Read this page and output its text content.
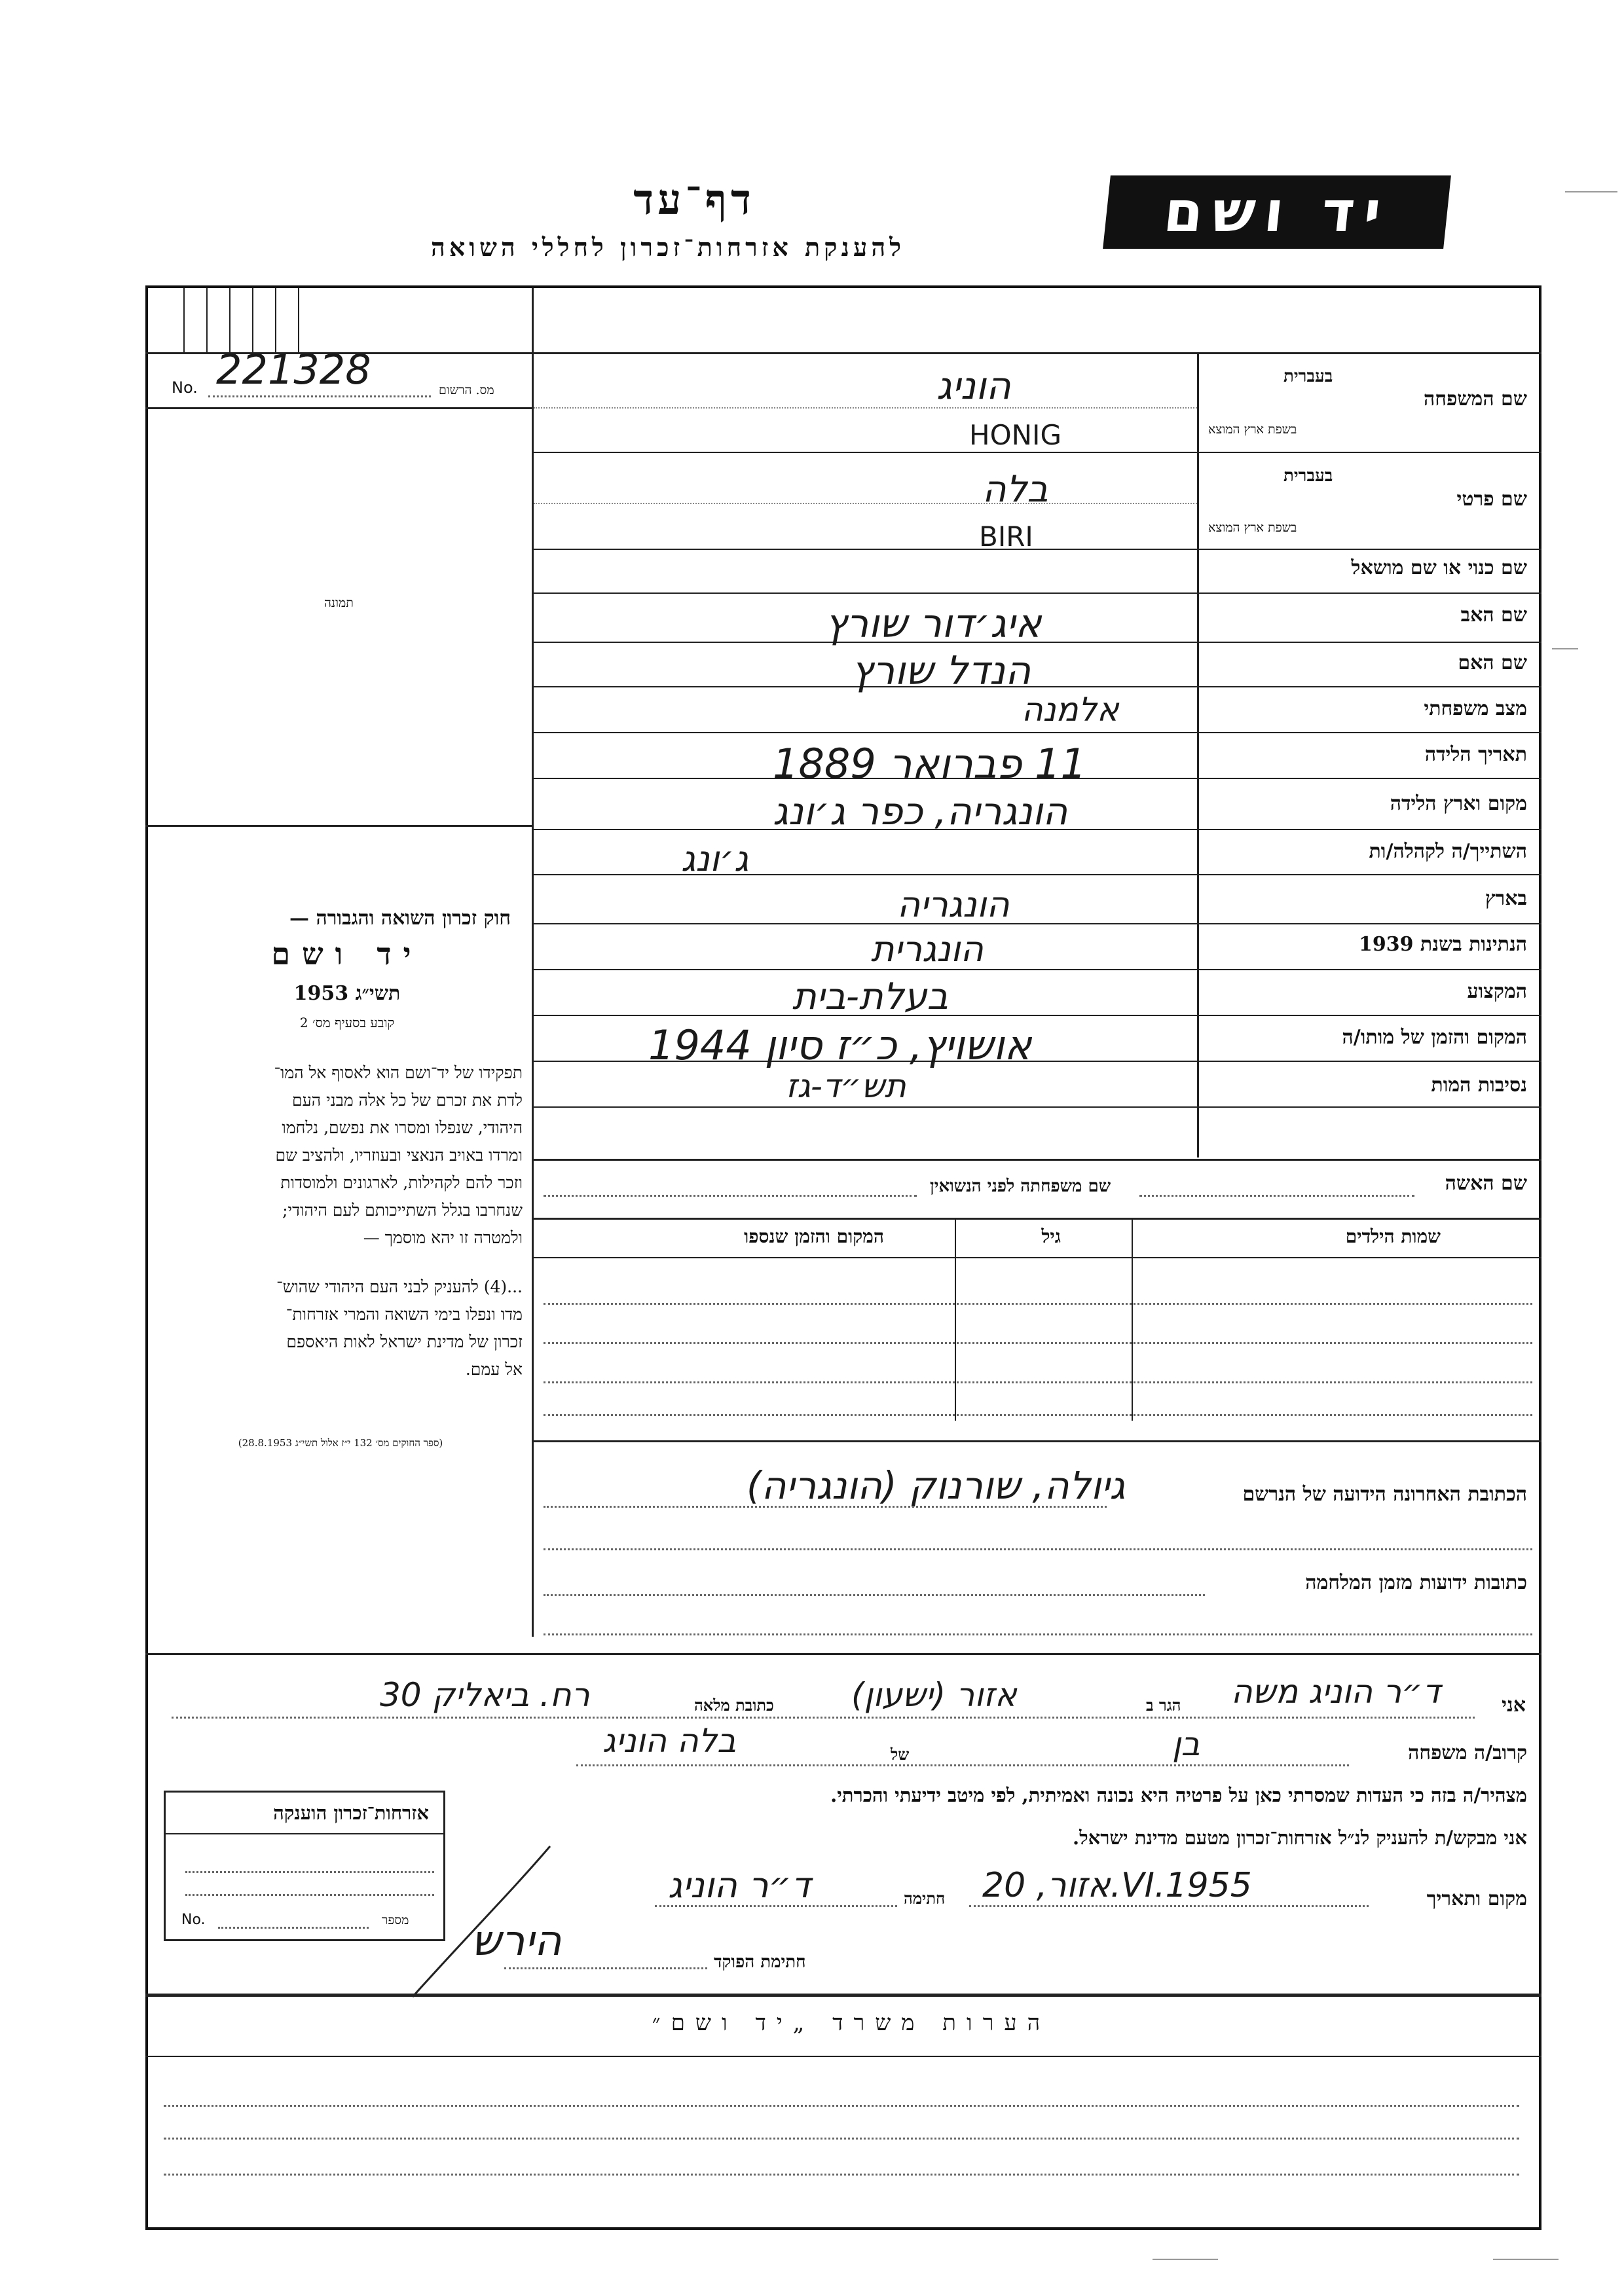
יד ושם
דף־עד
להענקת אזרחות־זכרון לחללי השואה
No. 221328	מס. הרשום
תמונה
חוק זכרון השואה והגבורה —
יד ושם
תשי״ג 1953
קובע בסעיף מס׳ 2
תפקידו של יד־ושם הוא לאסוף אל המו־
לדת את זכרם של כל אלה מבני העם
היהודי, שנפלו ומסרו את נפשם, נלחמו
ומרדו באויב הנאצי ובעוזריו, ולהציב שם
וזכר להם לקהילות, לארגונים ולמוסדות
שנחרבו בגלל השתייכותם לעם היהודי;
ולמטרה זו יהא מוסמך —
...(4) להעניק לבני העם היהודי שהוש־
מדו ונפלו בימי השואה והמרי אזרחות־
זכרון של מדינת ישראל לאות היאספם
אל עמם.
(ספר החוקים מס׳ 132 י״ז אלול תשי״ג 28.8.1953)
שם המשפחה
בעברית
בשפת ארץ המוצא
הוניג
HONIG
שם פרטי
בעברית
בשפת ארץ המוצא
בלה
BIRI
שם כנוי או שם מושאל
שם האב
איג׳דור שורץ
שם האם
הנדל שורץ
מצב משפחתי
אלמנה
תאריך הלידה
11 פברואר 1889
מקום וארץ הלידה
הונגריה, כפר ג׳ונג
השתייך/ה לקהלה/ות
ג׳ונג
בארץ
הונגריה
הנתינות בשנת 1939
הונגרית
המקצוע
בעלת-בית
המקום והזמן של מותו/ה
אושויץ, כ״ז סיון 1944
נסיבות המות
תש״ד-גז
שם האשה
שם משפחתה לפני הנשואין
שמות הילדים
גיל
המקום והזמן שנספו
הכתובת האחרונה הידועה של הנרשם
גיולה, שורנוק (הונגריה)
כתובות ידועות מזמן המלחמה
אני
ד״ר הוניג משה
הגר ב
אזור (ישעון)
כתובת מלאה
רח. ביאליק 30
קרוב/ה משפחה
בן
של
בלה הוניג
מצהיר/ה בזה כי העדות שמסרתי כאן על פרטיה היא נכונה ואמיתית, לפי מיטב ידיעתי והכרתי.
אני מבקש/ת להעניק לנ״ל אזרחות־זכרון מטעם מדינת ישראל.
מקום ותאריך
אזור, 20.VI.1955
חתימה
ד״ר הוניג
חתימת הפוקד
הירש
אזרחות־זכרון הוענקה
No.	מספר
הערות משרד „יד ושם״
